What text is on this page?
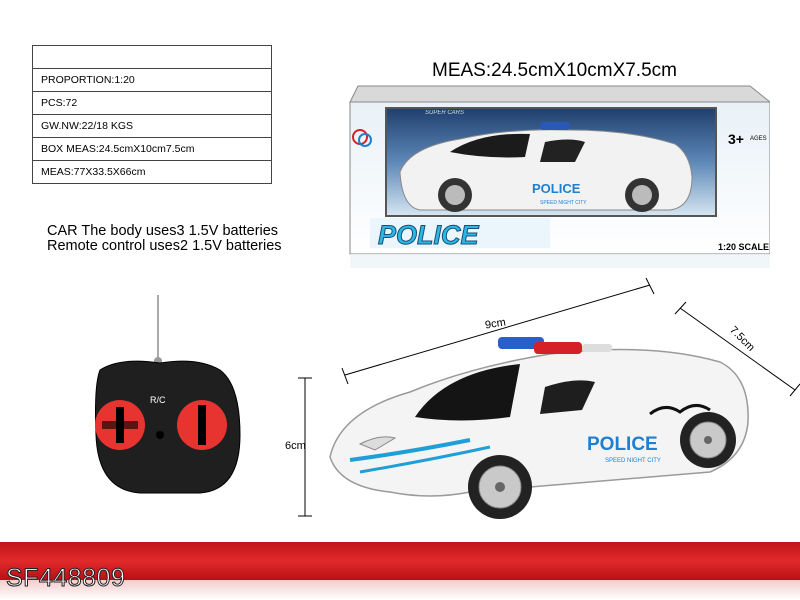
PROPORTION:1:20
PCS:72
GW.NW:22/18 KGS
BOX MEAS:24.5cmX10cm7.5cm
MEAS:77X33.5X66cm
CAR The body uses3 1.5V batteries
Remote control uses2 1.5V batteries
MEAS:24.5cmX10cmX7.5cm
SUPER CARS
POLICE
SPEED NIGHT CITY
3+ AGES
POLICE	1:20 SCALE
R/C
9cm
7.5cm
6cm	POLICE
SPEED NIGHT CITY
SF448809
